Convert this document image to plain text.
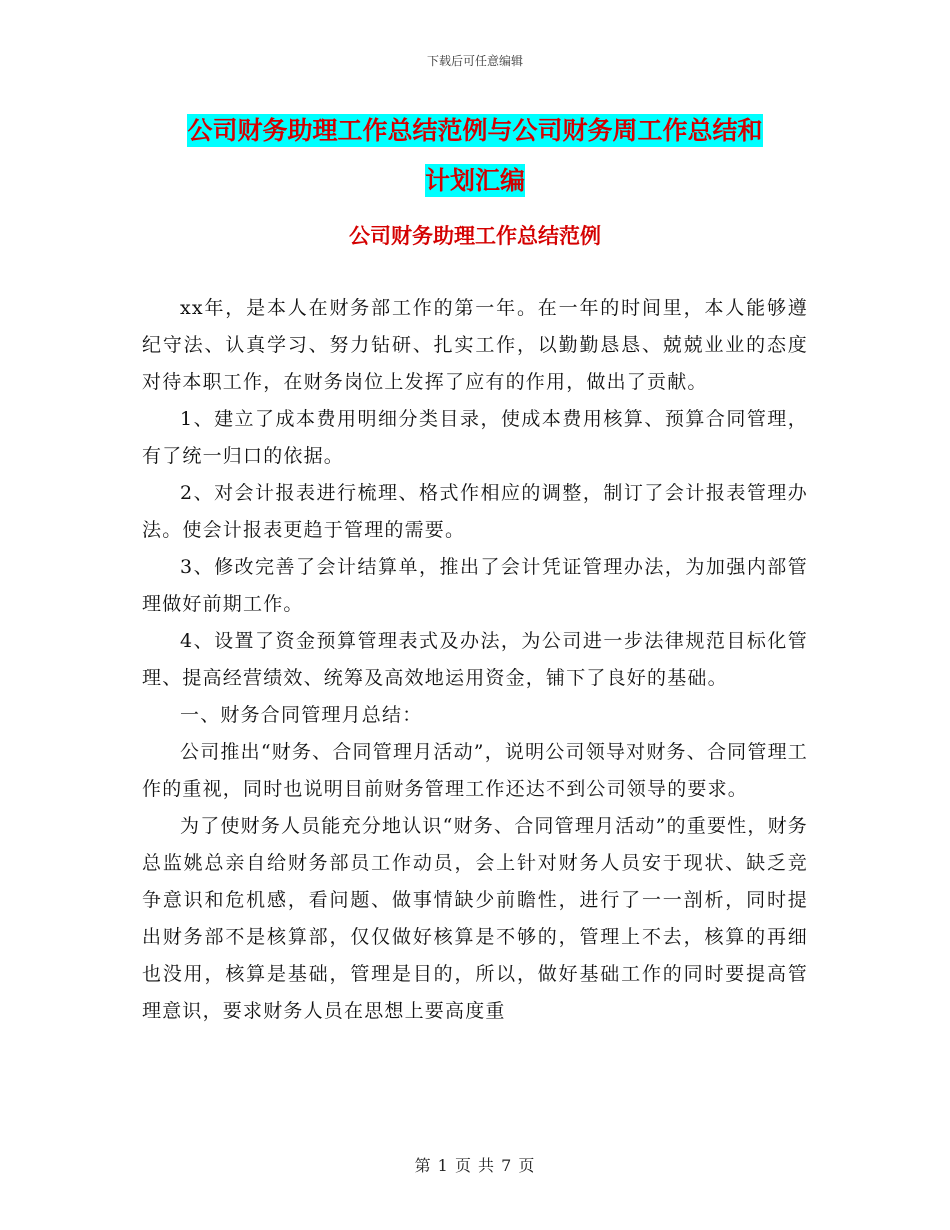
下载后可任意编辑
公司财务助理工作总结范例与公司财务周工作总结和
计划汇编
公司财务助理工作总结范例

xx年，是本人在财务部工作的第一年。在一年的时间里，本人能够遵纪守法、认真学习、努力钻研、扎实工作，以勤勤恳恳、兢兢业业的态度对待本职工作，在财务岗位上发挥了应有的作用，做出了贡献。

1、建立了成本费用明细分类目录，使成本费用核算、预算合同管理，有了统一归口的依据。

2、对会计报表进行梳理、格式作相应的调整，制订了会计报表管理办法。使会计报表更趋于管理的需要。

3、修改完善了会计结算单，推出了会计凭证管理办法，为加强内部管理做好前期工作。

4、设置了资金预算管理表式及办法，为公司进一步法律规范目标化管理、提高经营绩效、统筹及高效地运用资金，铺下了良好的基础。

一、财务合同管理月总结：

公司推出“财务、合同管理月活动”，说明公司领导对财务、合同管理工作的重视，同时也说明目前财务管理工作还达不到公司领导的要求。

为了使财务人员能充分地认识“财务、合同管理月活动”的重要性，财务总监姚总亲自给财务部员工作动员，会上针对财务人员安于现状、缺乏竞争意识和危机感，看问题、做事情缺少前瞻性，进行了一一剖析，同时提出财务部不是核算部，仅仅做好核算是不够的，管理上不去，核算的再细也没用，核算是基础，管理是目的，所以，做好基础工作的同时要提高管理意识，要求财务人员在思想上要高度重

第 1 页 共 7 页
